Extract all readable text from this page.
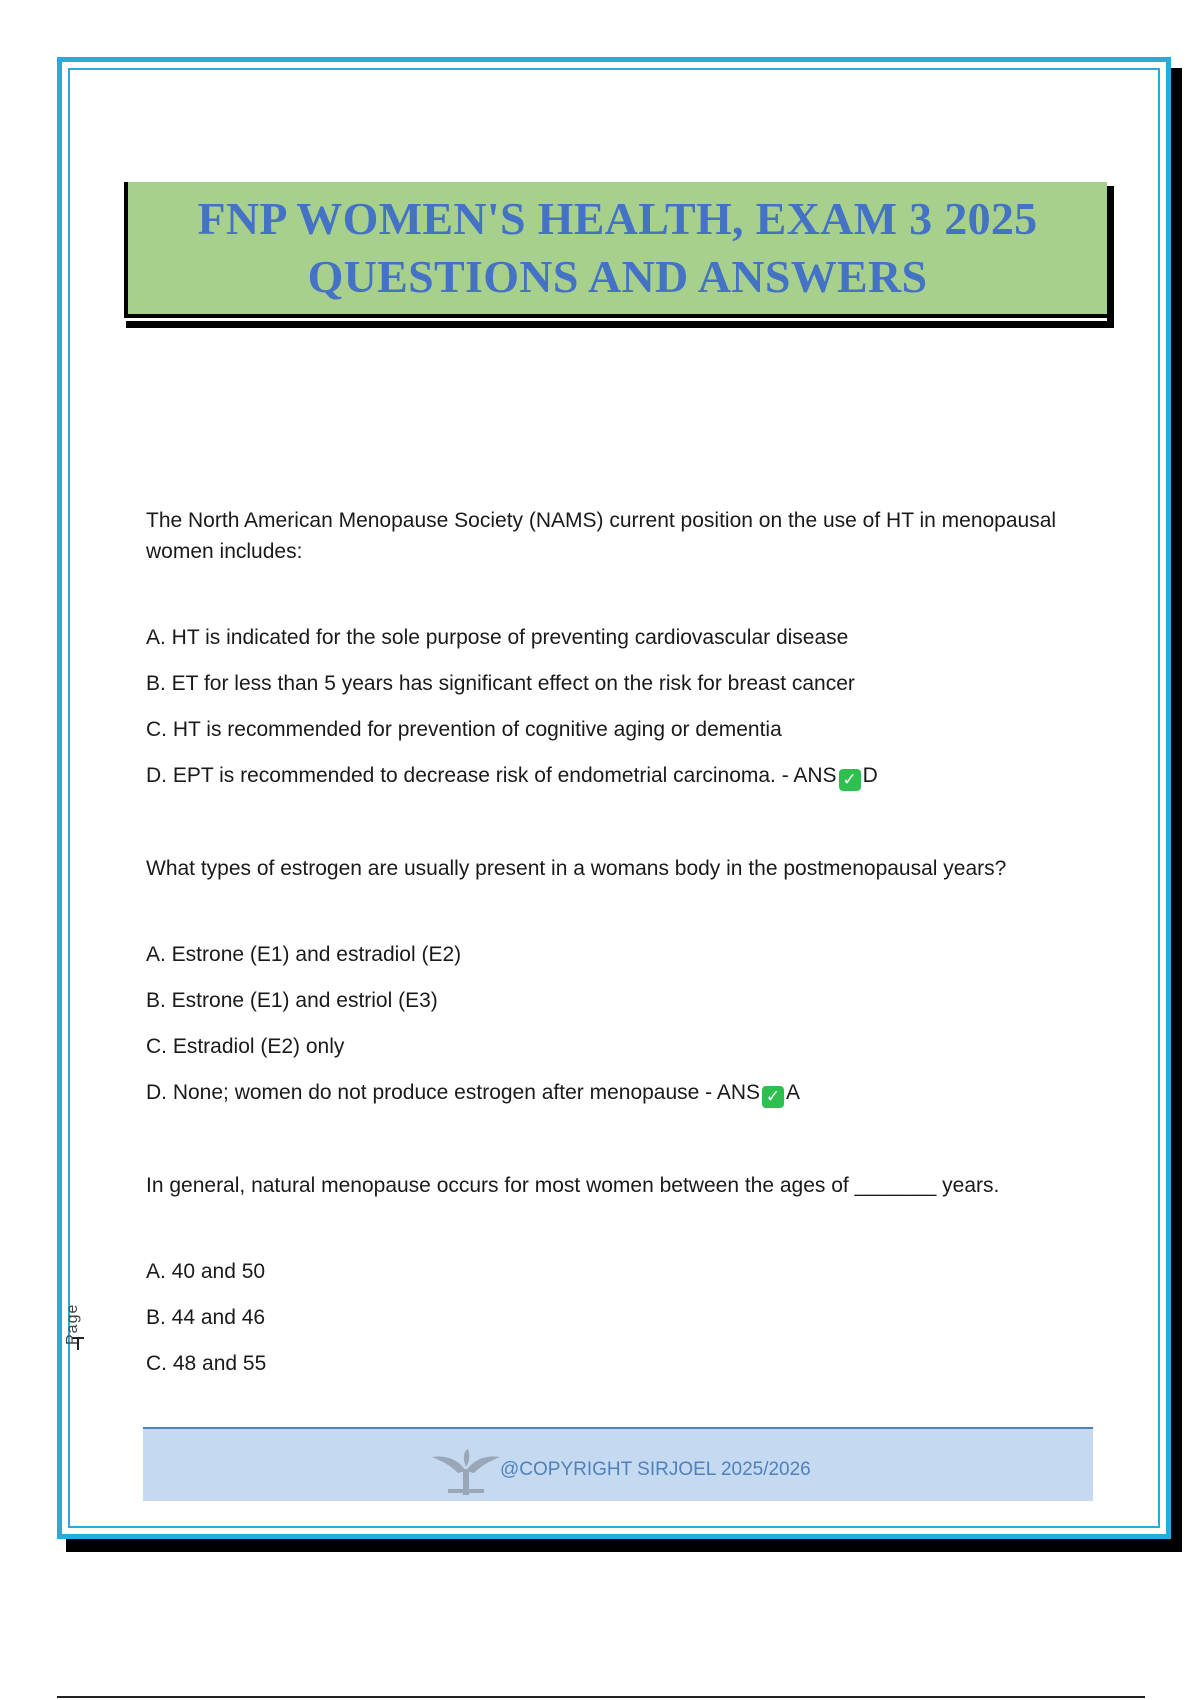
FNP WOMEN'S HEALTH, EXAM 3 2025
QUESTIONS AND ANSWERS

The North American Menopause Society (NAMS) current position on the use of HT in menopausal women includes:

A. HT is indicated for the sole purpose of preventing cardiovascular disease
B. ET for less than 5 years has significant effect on the risk for breast cancer
C. HT is recommended for prevention of cognitive aging or dementia
D. EPT is recommended to decrease risk of endometrial carcinoma. - ANS ✓ D

What types of estrogen are usually present in a womans body in the postmenopausal years?

A. Estrone (E1) and estradiol (E2)
B. Estrone (E1) and estriol (E3)
C. Estradiol (E2) only
D. None; women do not produce estrogen after menopause - ANS ✓ A

In general, natural menopause occurs for most women between the ages of _______ years.

A. 40 and 50
B. 44 and 46
C. 48 and 55
Page
@COPYRIGHT SIRJOEL 2025/2026
